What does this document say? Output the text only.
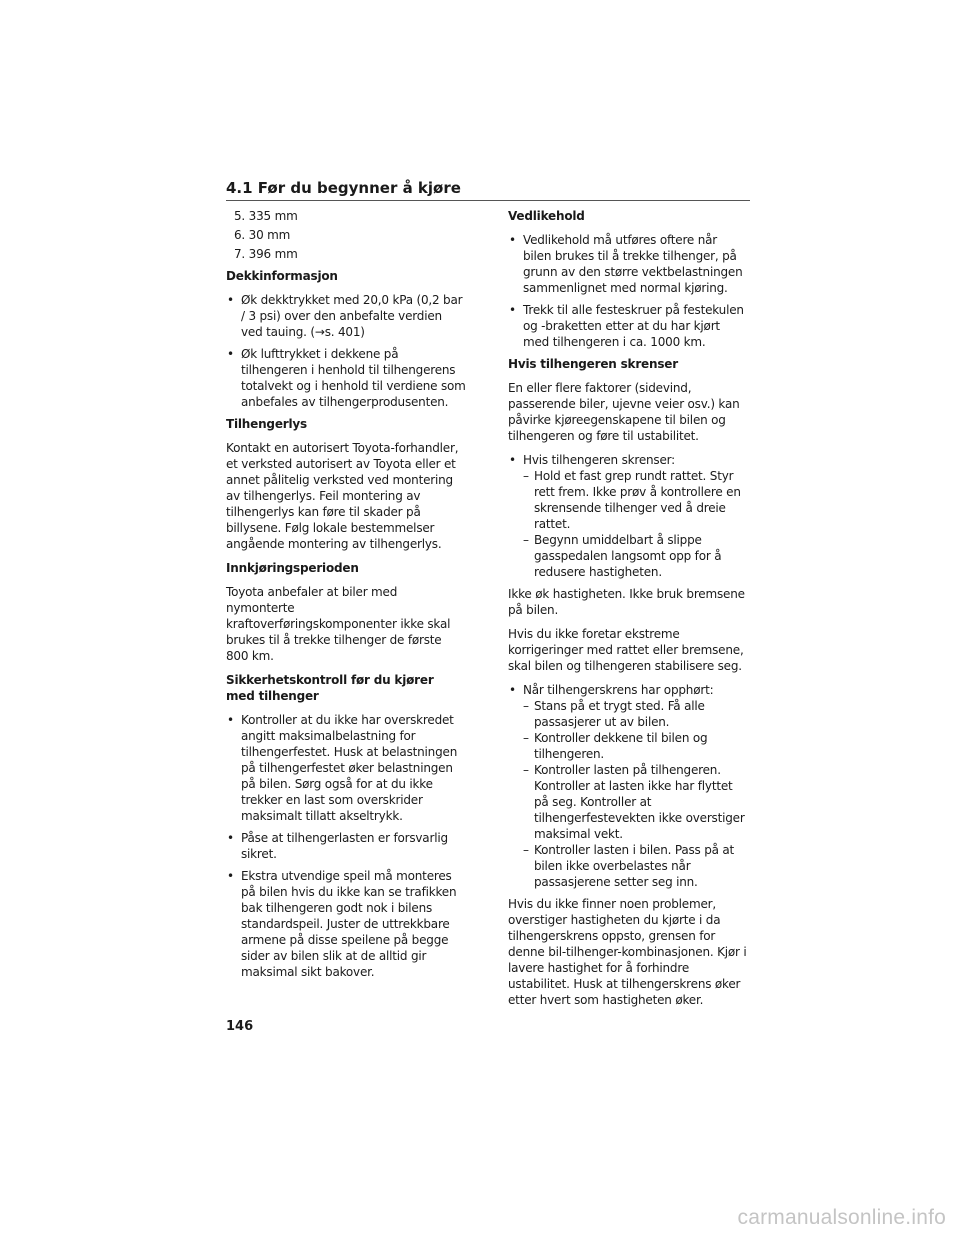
4.1 Før du begynner å kjøre
5. 335 mm
6. 30 mm
7. 396 mm
Dekkinformasjon
• Øk dekktrykket med 20,0 kPa (0,2 bar / 3 psi) over den anbefalte verdien ved tauing. (→s. 401)
• Øk lufttrykket i dekkene på tilhengeren i henhold til tilhengerens totalvekt og i henhold til verdiene som anbefales av tilhengerprodusenten.
Tilhengerlys
Kontakt en autorisert Toyota-forhandler, et verksted autorisert av Toyota eller et annet pålitelig verksted ved montering av tilhengerlys. Feil montering av tilhengerlys kan føre til skader på billysene. Følg lokale bestemmelser angående montering av tilhengerlys.
Innkjøringsperioden
Toyota anbefaler at biler med nymonterte kraftoverføringskomponenter ikke skal brukes til å trekke tilhenger de første 800 km.
Sikkerhetskontroll før du kjører med tilhenger
• Kontroller at du ikke har overskredet angitt maksimalbelastning for tilhengerfestet. Husk at belastningen på tilhengerfestet øker belastningen på bilen. Sørg også for at du ikke trekker en last som overskrider maksimalt tillatt akseltrykk.
• Påse at tilhengerlasten er forsvarlig sikret.
• Ekstra utvendige speil må monteres på bilen hvis du ikke kan se trafikken bak tilhengeren godt nok i bilens standardspeil. Juster de uttrekkbare armene på disse speilene på begge sider av bilen slik at de alltid gir maksimal sikt bakover.
Vedlikehold
• Vedlikehold må utføres oftere når bilen brukes til å trekke tilhenger, på grunn av den større vektbelastningen sammenlignet med normal kjøring.
• Trekk til alle festeskruer på festekulen og -braketten etter at du har kjørt med tilhengeren i ca. 1000 km.
Hvis tilhengeren skrenser
En eller flere faktorer (sidevind, passerende biler, ujevne veier osv.) kan påvirke kjøreegenskapene til bilen og tilhengeren og føre til ustabilitet.
• Hvis tilhengeren skrenser:
– Hold et fast grep rundt rattet. Styr rett frem. Ikke prøv å kontrollere en skrensende tilhenger ved å dreie rattet.
– Begynn umiddelbart å slippe gasspedalen langsomt opp for å redusere hastigheten.
Ikke øk hastigheten. Ikke bruk bremsene på bilen.
Hvis du ikke foretar ekstreme korrigeringer med rattet eller bremsene, skal bilen og tilhengeren stabilisere seg.
• Når tilhengerskrens har opphørt:
– Stans på et trygt sted. Få alle passasjerer ut av bilen.
– Kontroller dekkene til bilen og tilhengeren.
– Kontroller lasten på tilhengeren. Kontroller at lasten ikke har flyttet på seg. Kontroller at tilhengerfestevekten ikke overstiger maksimal vekt.
– Kontroller lasten i bilen. Pass på at bilen ikke overbelastes når passasjerene setter seg inn.
Hvis du ikke finner noen problemer, overstiger hastigheten du kjørte i da tilhengerskrens oppsto, grensen for denne bil-tilhenger-kombinasjonen. Kjør i lavere hastighet for å forhindre ustabilitet. Husk at tilhengerskrens øker etter hvert som hastigheten øker.
146
carmanualsonline.info
